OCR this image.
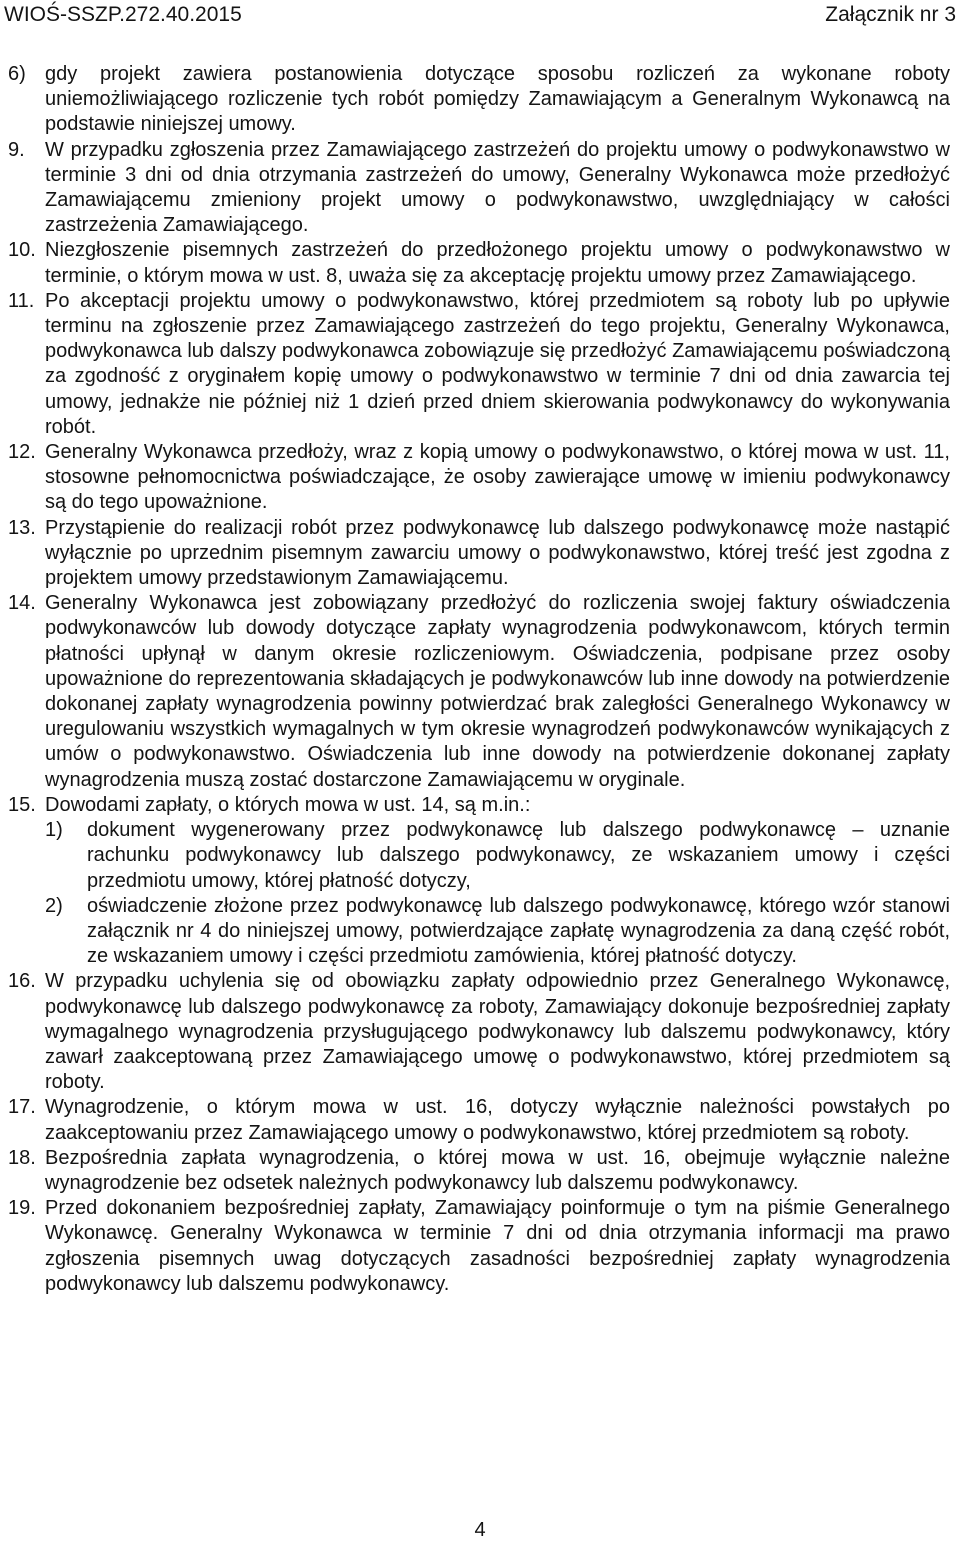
WIOŚ-SSZP.272.40.2015	Załącznik nr 3
6) gdy projekt zawiera postanowienia dotyczące sposobu rozliczeń za wykonane roboty uniemożliwiającego rozliczenie tych robót pomiędzy Zamawiającym a Generalnym Wykonawcą na podstawie niniejszej umowy.
9. W przypadku zgłoszenia przez Zamawiającego zastrzeżeń do projektu umowy o podwykonawstwo w terminie 3 dni od dnia otrzymania zastrzeżeń do umowy, Generalny Wykonawca może przedłożyć Zamawiającemu zmieniony projekt umowy o podwykonawstwo, uwzględniający w całości zastrzeżenia Zamawiającego.
10. Niezgłoszenie pisemnych zastrzeżeń do przedłożonego projektu umowy o podwykonawstwo w terminie, o którym mowa w ust. 8, uważa się za akceptację projektu umowy przez Zamawiającego.
11. Po akceptacji projektu umowy o podwykonawstwo, której przedmiotem są roboty lub po upływie terminu na zgłoszenie przez Zamawiającego zastrzeżeń do tego projektu, Generalny Wykonawca, podwykonawca lub dalszy podwykonawca zobowiązuje się przedłożyć Zamawiającemu poświadczoną za zgodność z oryginałem kopię umowy o podwykonawstwo w terminie 7 dni od dnia zawarcia tej umowy, jednakże nie później niż 1 dzień przed dniem skierowania podwykonawcy do wykonywania robót.
12. Generalny Wykonawca przedłoży, wraz z kopią umowy o podwykonawstwo, o której mowa w ust. 11, stosowne pełnomocnictwa poświadczające, że osoby zawierające umowę w imieniu podwykonawcy są do tego upoważnione.
13. Przystąpienie do realizacji robót przez podwykonawcę lub dalszego podwykonawcę może nastąpić wyłącznie po uprzednim pisemnym zawarciu umowy o podwykonawstwo, której treść jest zgodna z projektem umowy przedstawionym Zamawiającemu.
14. Generalny Wykonawca jest zobowiązany przedłożyć do rozliczenia swojej faktury oświadczenia podwykonawców lub dowody dotyczące zapłaty wynagrodzenia podwykonawcom, których termin płatności upłynął w danym okresie rozliczeniowym. Oświadczenia, podpisane przez osoby upoważnione do reprezentowania składających je podwykonawców lub inne dowody na potwierdzenie dokonanej zapłaty wynagrodzenia powinny potwierdzać brak zaległości Generalnego Wykonawcy w uregulowaniu wszystkich wymagalnych w tym okresie wynagrodzeń podwykonawców wynikających z umów o podwykonawstwo. Oświadczenia lub inne dowody na potwierdzenie dokonanej zapłaty wynagrodzenia muszą zostać dostarczone Zamawiającemu w oryginale.
15. Dowodami zapłaty, o których mowa w ust. 14, są m.in.:
1) dokument wygenerowany przez podwykonawcę lub dalszego podwykonawcę – uznanie rachunku podwykonawcy lub dalszego podwykonawcy, ze wskazaniem umowy i części przedmiotu umowy, której płatność dotyczy,
2) oświadczenie złożone przez podwykonawcę lub dalszego podwykonawcę, którego wzór stanowi załącznik nr 4 do niniejszej umowy, potwierdzające zapłatę wynagrodzenia za daną część robót, ze wskazaniem umowy i części przedmiotu zamówienia, której płatność dotyczy.
16. W przypadku uchylenia się od obowiązku zapłaty odpowiednio przez Generalnego Wykonawcę, podwykonawcę lub dalszego podwykonawcę za roboty, Zamawiający dokonuje bezpośredniej zapłaty wymagalnego wynagrodzenia przysługującego podwykonawcy lub dalszemu podwykonawcy, który zawarł zaakceptowaną przez Zamawiającego umowę o podwykonawstwo, której przedmiotem są roboty.
17. Wynagrodzenie, o którym mowa w ust. 16, dotyczy wyłącznie należności powstałych po zaakceptowaniu przez Zamawiającego umowy o podwykonawstwo, której przedmiotem są roboty.
18. Bezpośrednia zapłata wynagrodzenia, o której mowa w ust. 16, obejmuje wyłącznie należne wynagrodzenie bez odsetek należnych podwykonawcy lub dalszemu podwykonawcy.
19. Przed dokonaniem bezpośredniej zapłaty, Zamawiający poinformuje o tym na piśmie Generalnego Wykonawcę. Generalny Wykonawca w terminie 7 dni od dnia otrzymania informacji ma prawo zgłoszenia pisemnych uwag dotyczących zasadności bezpośredniej zapłaty wynagrodzenia podwykonawcy lub dalszemu podwykonawcy.
4
